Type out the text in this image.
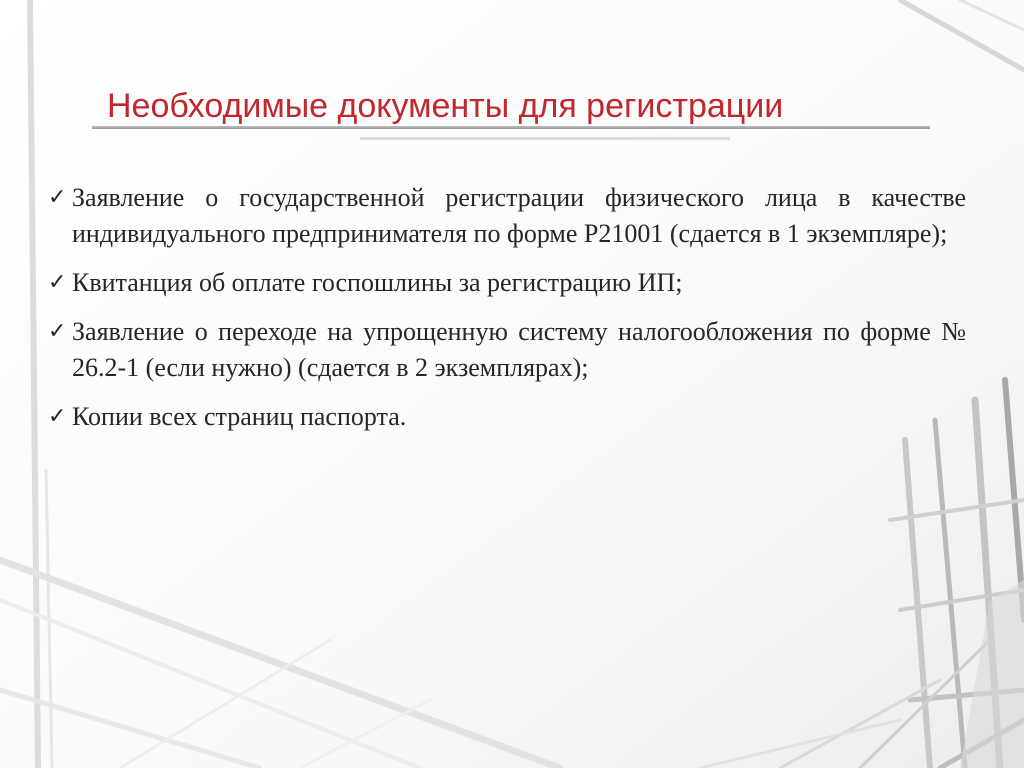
Необходимые документы для регистрации
✓ Заявление о государственной регистрации физического лица в качестве индивидуального предпринимателя по форме Р21001 (сдается в 1 экземпляре);
✓ Квитанция об оплате госпошлины за регистрацию ИП;
✓ Заявление о переходе на упрощенную систему налогообложения по форме № 26.2-1 (если нужно) (сдается в 2 экземплярах);
✓ Копии всех страниц паспорта.
